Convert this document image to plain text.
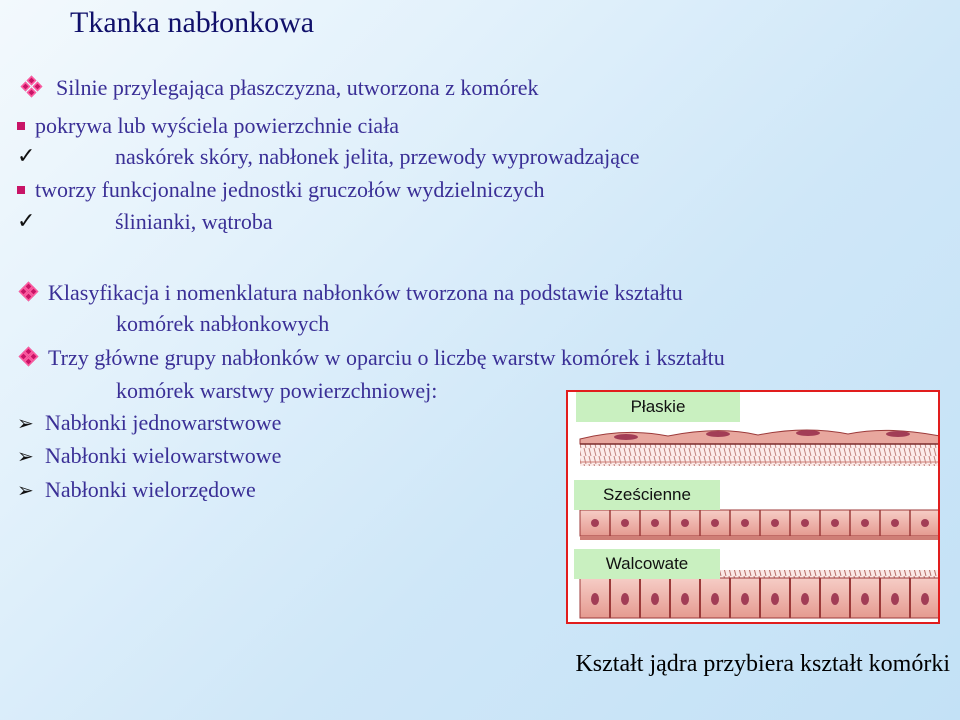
Tkanka nabłonkowa
Silnie przylegająca płaszczyzna, utworzona z komórek
pokrywa lub wyściela powierzchnie ciała
✓	naskórek skóry, nabłonek jelita, przewody wyprowadzające
tworzy funkcjonalne jednostki gruczołów wydzielniczych
✓	ślinianki, wątroba
Klasyfikacja i nomenklatura nabłonków tworzona na podstawie kształtu
komórek nabłonkowych
Trzy główne grupy nabłonków w oparciu o liczbę warstw komórek i kształtu
komórek warstwy powierzchniowej:
➢ Nabłonki jednowarstwowe
➢ Nabłonki wielowarstwowe
➢ Nabłonki wielorzędowe
Płaskie
Sześcienne
Walcowate
Kształt jądra przybiera kształt komórki
